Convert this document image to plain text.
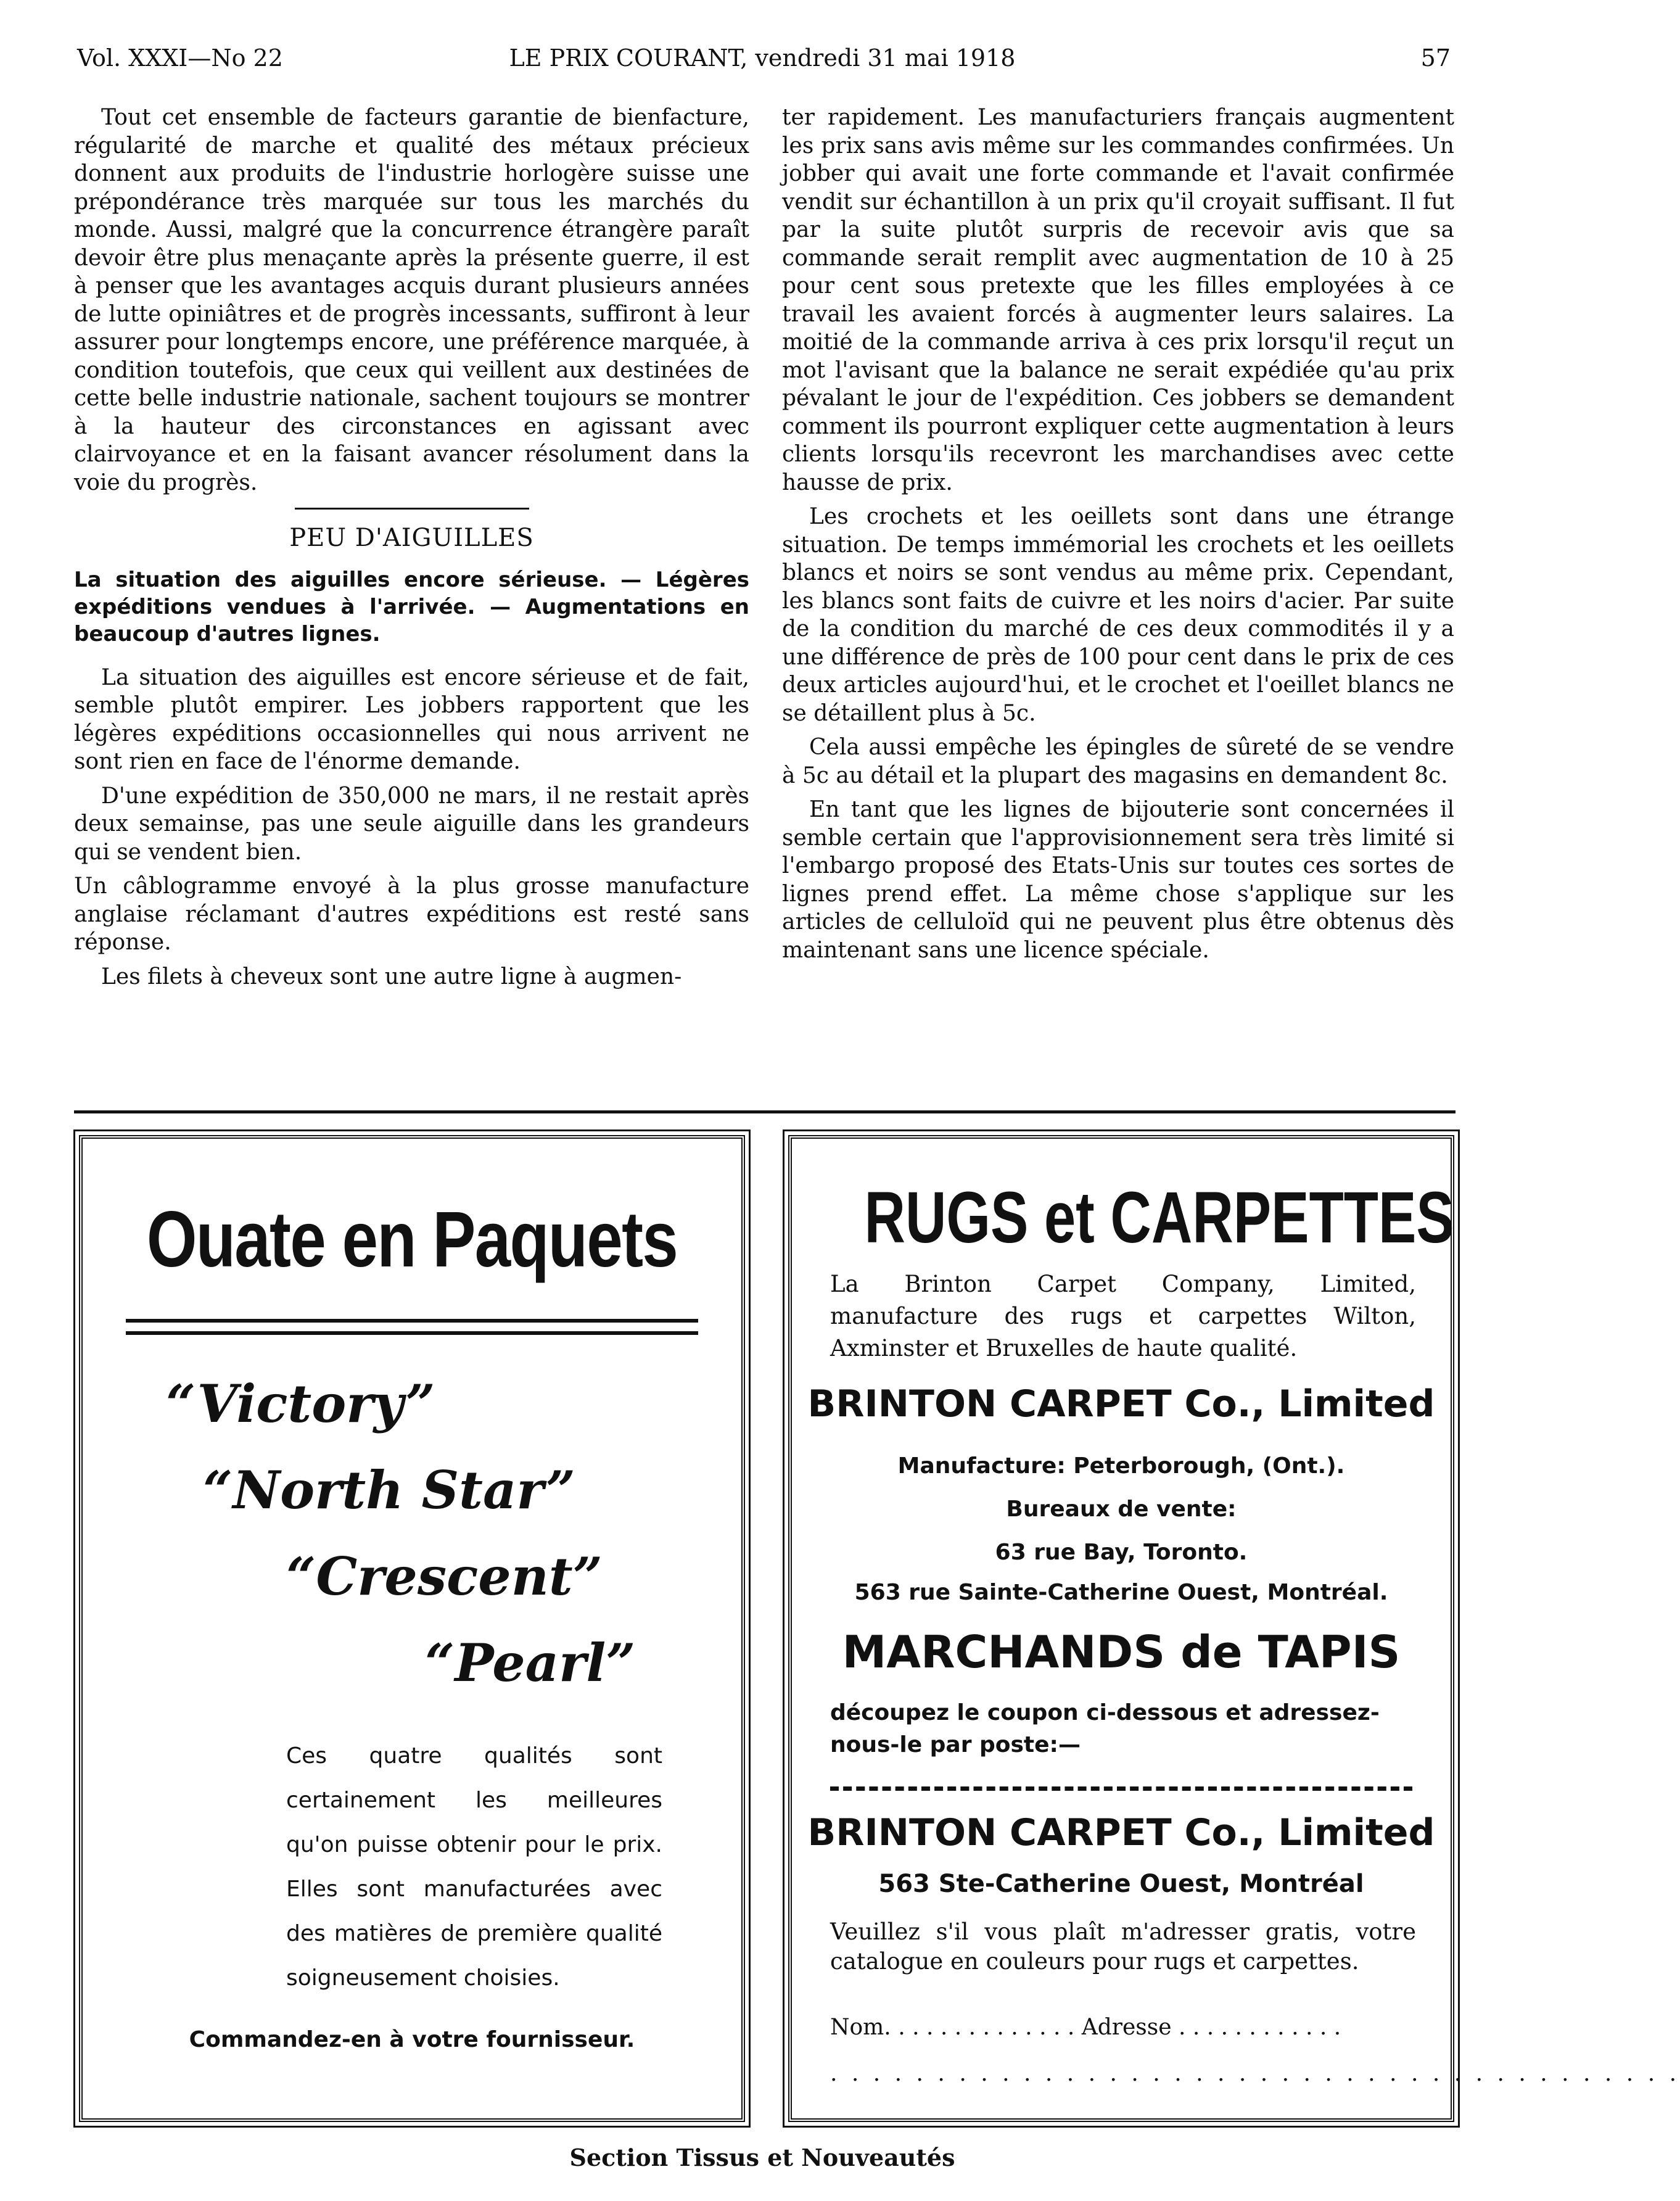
Vol. XXXI—No 22	LE PRIX COURANT, vendredi 31 mai 1918	57

Tout cet ensemble de facteurs garantie de bienfacture, régularité de marche et qualité des métaux précieux donnent aux produits de l'industrie horlogère suisse une prépondérance très marquée sur tous les marchés du monde. Aussi, malgré que la concurrence étrangère paraît devoir être plus menaçante après la présente guerre, il est à penser que les avantages acquis durant plusieurs années de lutte opiniâtres et de progrès incessants, suffiront à leur assurer pour longtemps encore, une préférence marquée, à condition toutefois, que ceux qui veillent aux destinées de cette belle industrie nationale, sachent toujours se montrer à la hauteur des circonstances en agissant avec clairvoyance et en la faisant avancer résolument dans la voie du progrès.

PEU D'AIGUILLES
La situation des aiguilles encore sérieuse. — Légères expéditions vendues à l'arrivée. — Augmentations en beaucoup d'autres lignes.

La situation des aiguilles est encore sérieuse et de fait, semble plutôt empirer. Les jobbers rapportent que les légères expéditions occasionnelles qui nous arrivent ne sont rien en face de l'énorme demande.

D'une expédition de 350,000 ne mars, il ne restait après deux semainse, pas une seule aiguille dans les grandeurs qui se vendent bien.

Un câblogramme envoyé à la plus grosse manufacture anglaise réclamant d'autres expéditions est resté sans réponse.

Les filets à cheveux sont une autre ligne à augmen-

ter rapidement. Les manufacturiers français augmentent les prix sans avis même sur les commandes confirmées. Un jobber qui avait une forte commande et l'avait confirmée vendit sur échantillon à un prix qu'il croyait suffisant. Il fut par la suite plutôt surpris de recevoir avis que sa commande serait remplit avec augmentation de 10 à 25 pour cent sous pretexte que les filles employées à ce travail les avaient forcés à augmenter leurs salaires. La moitié de la commande arriva à ces prix lorsqu'il reçut un mot l'avisant que la balance ne serait expédiée qu'au prix pévalant le jour de l'expédition. Ces jobbers se demandent comment ils pourront expliquer cette augmentation à leurs clients lorsqu'ils recevront les marchandises avec cette hausse de prix.

Les crochets et les oeillets sont dans une étrange situation. De temps immémorial les crochets et les oeillets blancs et noirs se sont vendus au même prix. Cependant, les blancs sont faits de cuivre et les noirs d'acier. Par suite de la condition du marché de ces deux commodités il y a une différence de près de 100 pour cent dans le prix de ces deux articles aujourd'hui, et le crochet et l'oeillet blancs ne se détaillent plus à 5c.

Cela aussi empêche les épingles de sûreté de se vendre à 5c au détail et la plupart des magasins en demandent 8c.

En tant que les lignes de bijouterie sont concernées il semble certain que l'approvisionnement sera très limité si l'embargo proposé des Etats-Unis sur toutes ces sortes de lignes prend effet. La même chose s'applique sur les articles de celluloïd qui ne peuvent plus être obtenus dès maintenant sans une licence spéciale.

Ouate en Paquets
“Victory”
“North Star”
“Crescent”
“Pearl”
Ces quatre qualités sont certainement les meilleures qu'on puisse obtenir pour le prix. Elles sont manufacturées avec des matières de première qualité soigneusement choisies.
Commandez-en à votre fournisseur.
RUGS et CARPETTES
La Brinton Carpet Company, Limited, manufacture des rugs et carpettes Wilton, Axminster et Bruxelles de haute qualité.
BRINTON CARPET Co., Limited
Manufacture: Peterborough, (Ont.).
Bureaux de vente:
63 rue Bay, Toronto.
563 rue Sainte-Catherine Ouest, Montréal.
MARCHANDS de TAPIS
découpez le coupon ci-dessous et adressez-nous-le par poste:—
BRINTON CARPET Co., Limited
563 Ste-Catherine Ouest, Montréal
Veuillez s'il vous plaît m'adresser gratis, votre catalogue en couleurs pour rugs et carpettes.
Nom. . . . . . . . . . . . . . Adresse . . . . . . . . . . . .
. . . . . . . . . . . . . . . . . . . . . . . . . . . . . . . . . . . . . . . .
Section Tissus et Nouveautés
